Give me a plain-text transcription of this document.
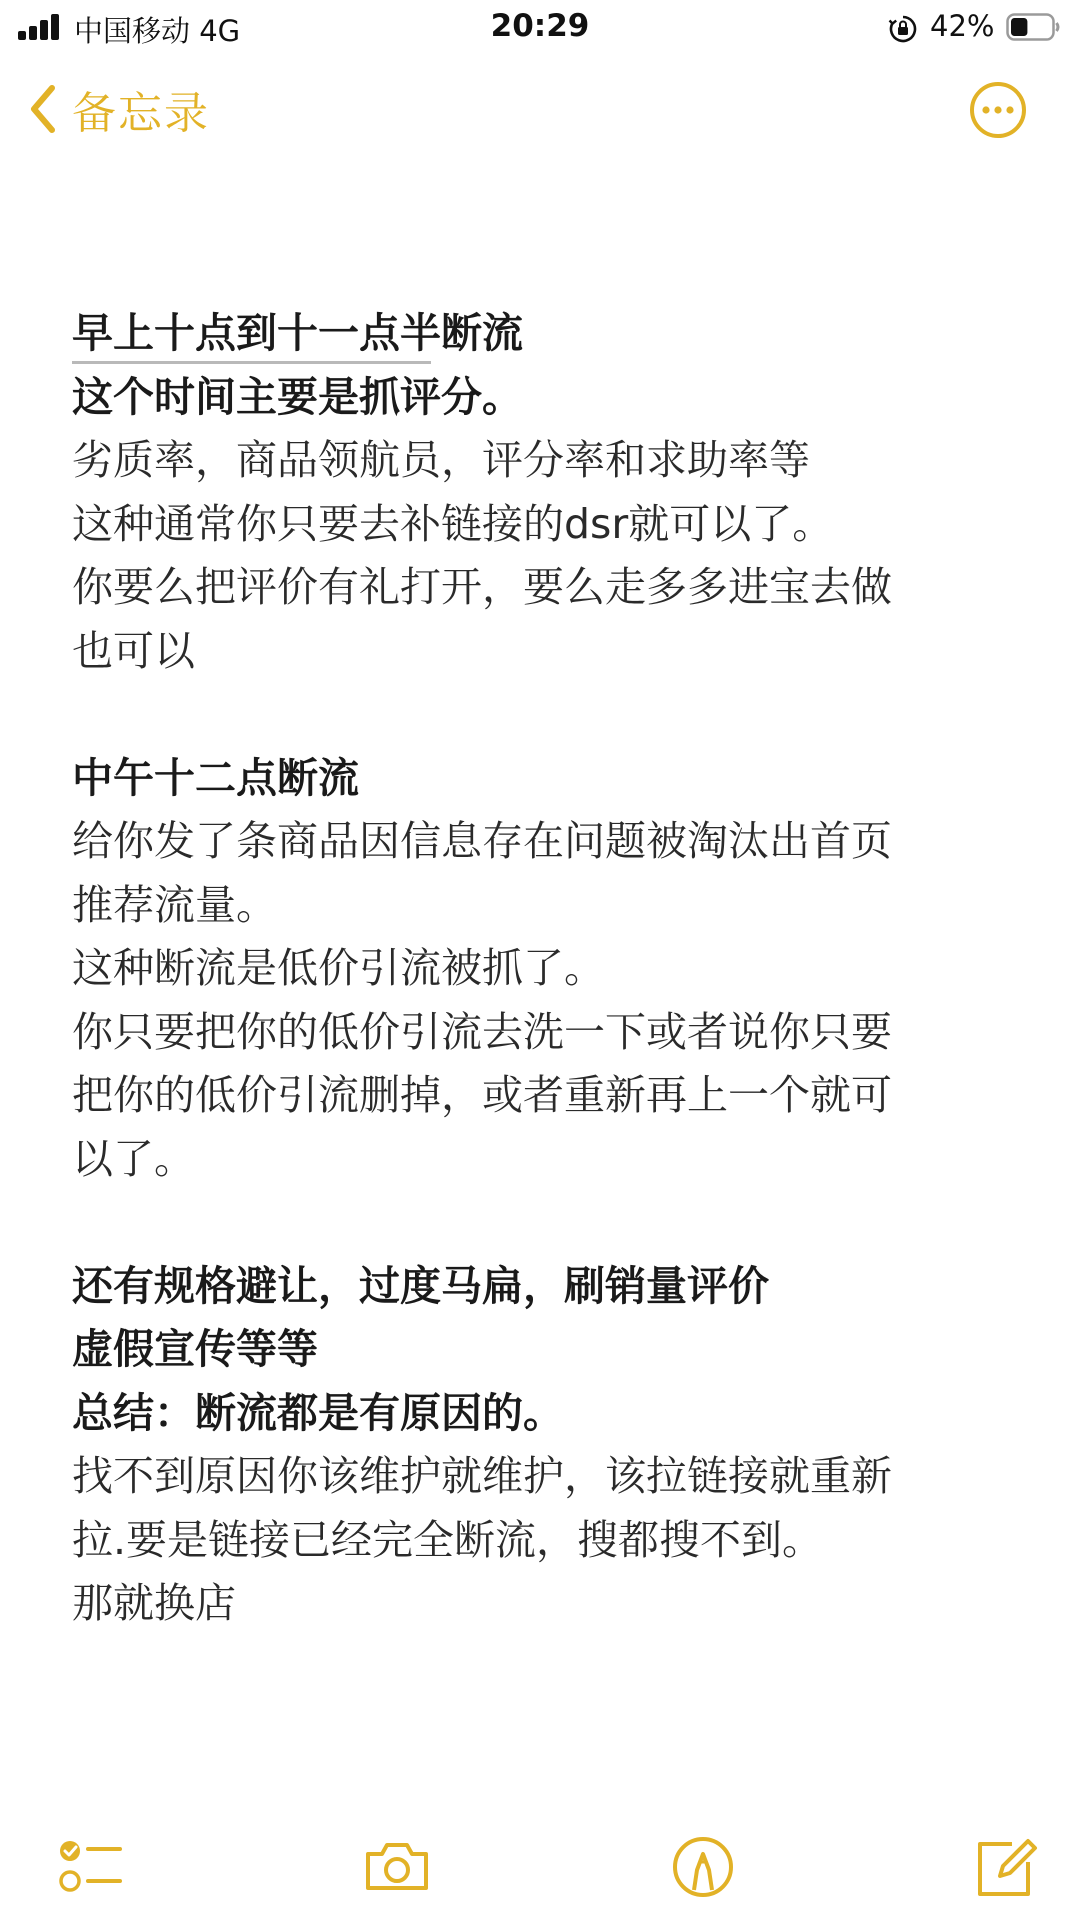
中国移动 4G	20:29	42%
备忘录
早上十点到十一点半断流
这个时间主要是抓评分。
劣质率，商品领航员，评分率和求助率等
这种通常你只要去补链接的dsr就可以了。
你要么把评价有礼打开，要么走多多进宝去做
也可以
中午十二点断流
给你发了条商品因信息存在问题被淘汰出首页
推荐流量。
这种断流是低价引流被抓了。
你只要把你的低价引流去洗一下或者说你只要
把你的低价引流删掉，或者重新再上一个就可
以了。
还有规格避让，过度马扁，刷销量评价
虚假宣传等等
总结：断流都是有原因的。
找不到原因你该维护就维护，该拉链接就重新
拉.要是链接已经完全断流，搜都搜不到。
那就换店
